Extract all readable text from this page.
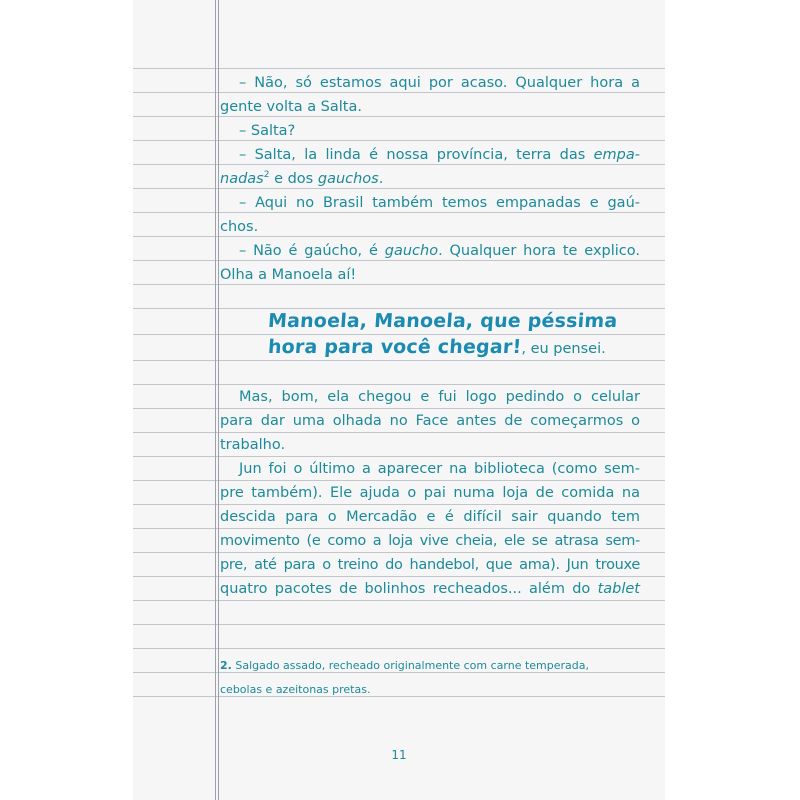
– Não, só estamos aqui por acaso. Qualquer hora a
gente volta a Salta.
– Salta?
– Salta, la linda é nossa província, terra das empa-
nadas$^2$ e dos gauchos.
– Aqui no Brasil também temos empanadas e gaú-
chos.
– Não é gaúcho, é gaucho. Qualquer hora te explico.
Olha a Manoela aí!
Manoela, Manoela, que péssima
hora para você chegar!, eu pensei.
Mas, bom, ela chegou e fui logo pedindo o celular
para dar uma olhada no Face antes de começarmos o
trabalho.
Jun foi o último a aparecer na biblioteca (como sem-
pre também). Ele ajuda o pai numa loja de comida na
descida para o Mercadão e é difícil sair quando tem
movimento (e como a loja vive cheia, ele se atrasa sem-
pre, até para o treino do handebol, que ama). Jun trouxe
quatro pacotes de bolinhos recheados... além do tablet
2. Salgado assado, recheado originalmente com carne temperada,
cebolas e azeitonas pretas.
11
